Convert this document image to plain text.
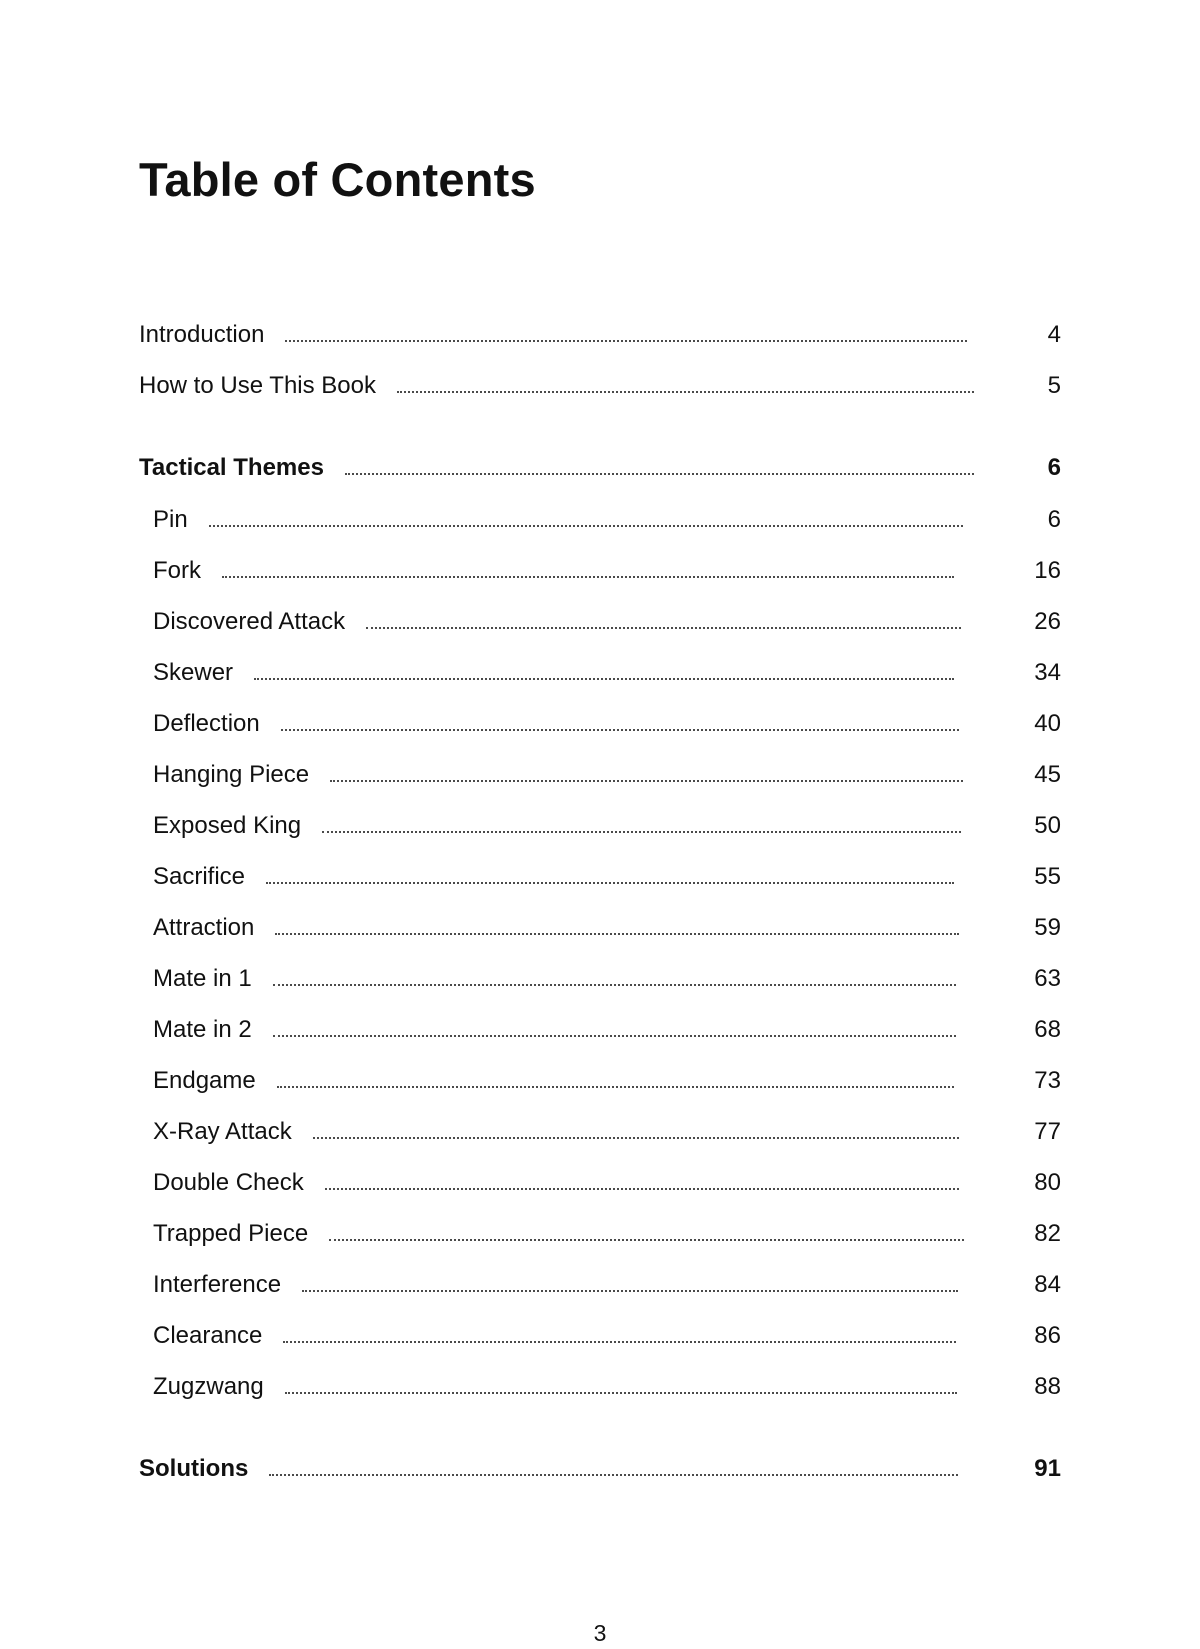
Table of Contents
Introduction	4
How to Use This Book	5
Tactical Themes	6
Pin	6
Fork	16
Discovered Attack	26
Skewer	34
Deflection	40
Hanging Piece	45
Exposed King	50
Sacrifice	55
Attraction	59
Mate in 1	63
Mate in 2	68
Endgame	73
X-Ray Attack	77
Double Check	80
Trapped Piece	82
Interference	84
Clearance	86
Zugzwang	88
Solutions	91
3
